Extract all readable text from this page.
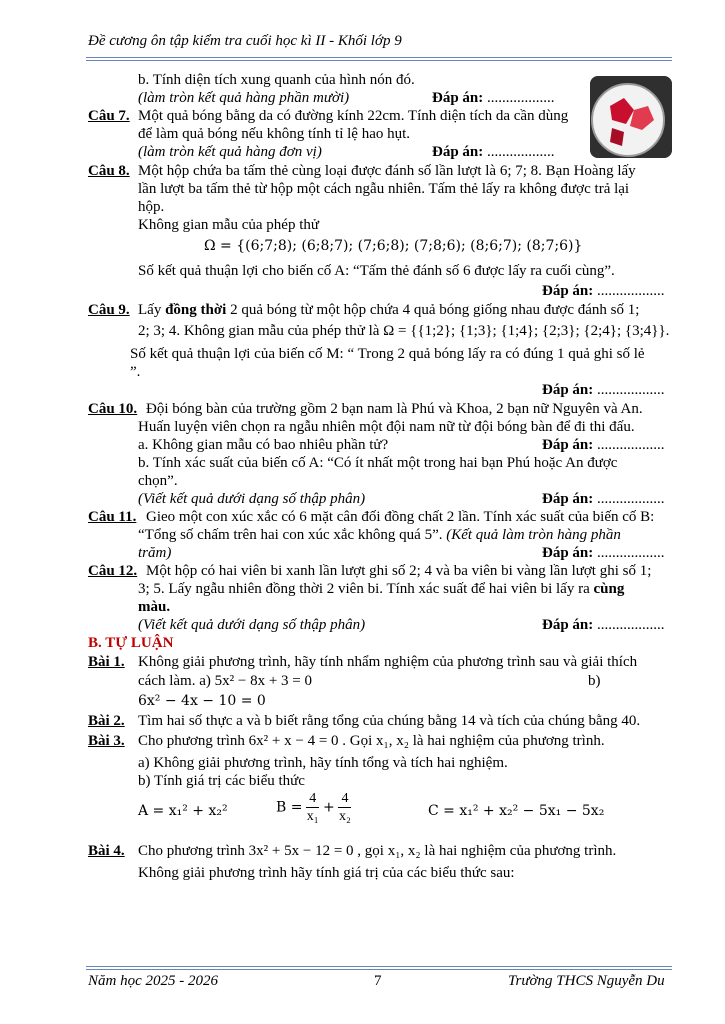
Đề cương ôn tập kiểm tra cuối học kì II - Khối lớp 9
b. Tính diện tích xung quanh của hình nón đó.
(làm tròn kết quả hàng phần mười)	Đáp án: ..................
Câu 7. Một quả bóng bằng da có đường kính 22cm. Tính diện tích da cần dùng
để làm quả bóng nếu không tính tỉ lệ hao hụt.
(làm tròn kết quả hàng đơn vị)	Đáp án: ..................
Câu 8. Một hộp chứa ba tấm thẻ cùng loại được đánh số lần lượt là 6; 7; 8. Bạn Hoàng lấy
lần lượt ba tấm thẻ từ hộp một cách ngẫu nhiên. Tấm thẻ lấy ra không được trả lại
hộp.
Không gian mẫu của phép thử
Ω = {(6;7;8); (6;8;7); (7;6;8); (7;8;6); (8;6;7); (8;7;6)}
Số kết quả thuận lợi cho biến cố A: “Tấm thẻ đánh số 6 được lấy ra cuối cùng”.
Đáp án: ..................
Câu 9. Lấy đồng thời 2 quả bóng từ một hộp chứa 4 quả bóng giống nhau được đánh số 1;
2; 3; 4. Không gian mẫu của phép thử là Ω = {{1;2}; {1;3}; {1;4}; {2;3}; {2;4}; {3;4}}.
Số kết quả thuận lợi của biến cố M: “ Trong 2 quả bóng lấy ra có đúng 1 quả ghi số lẻ
”.
Đáp án: ..................
Câu 10. Đội bóng bàn của trường gồm 2 bạn nam là Phú và Khoa, 2 bạn nữ Nguyên và An.
Huấn luyện viên chọn ra ngẫu nhiên một đội nam nữ từ đội bóng bàn để đi thi đấu.
a. Không gian mẫu có bao nhiêu phần tử?	Đáp án: ..................
b. Tính xác suất của biến cố A: “Có ít nhất một trong hai bạn Phú hoặc An được
chọn”.
(Viết kết quả dưới dạng số thập phân)	Đáp án: ..................
Câu 11. Gieo một con xúc xắc có 6 mặt cân đối đồng chất 2 lần. Tính xác suất của biến cố B:
“Tổng số chấm trên hai con xúc xắc không quá 5”. (Kết quả làm tròn hàng phần
trăm)	Đáp án: ..................
Câu 12. Một hộp có hai viên bi xanh lần lượt ghi số 2; 4 và ba viên bi vàng lần lượt ghi số 1;
3; 5. Lấy ngẫu nhiên đồng thời 2 viên bi. Tính xác suất để hai viên bi lấy ra cùng
màu.
(Viết kết quả dưới dạng số thập phân)	Đáp án: ..................
B. TỰ LUẬN
Bài 1. Không giải phương trình, hãy tính nhẩm nghiệm của phương trình sau và giải thích
cách làm. a) 5x² − 8x + 3 = 0	b)
6x² − 4x − 10 = 0
Bài 2. Tìm hai số thực a và b biết rằng tổng của chúng bằng 14 và tích của chúng bằng 40.
Bài 3. Cho phương trình 6x² + x − 4 = 0 . Gọi x₁, x₂ là hai nghiệm của phương trình.
a) Không giải phương trình, hãy tính tổng và tích hai nghiệm.
b) Tính giá trị các biểu thức
A = x₁² + x₂²	$B = \frac{4}{\text{x₁}} + \frac{4}{\text{x₂}}$	C = x₁² + x₂² − 5x₁ − 5x₂
Bài 4. Cho phương trình 3x² + 5x − 12 = 0 , gọi x₁, x₂ là hai nghiệm của phương trình.
Không giải phương trình hãy tính giá trị của các biểu thức sau:
Năm học 2025 - 2026	7	Trường THCS Nguyễn Du
